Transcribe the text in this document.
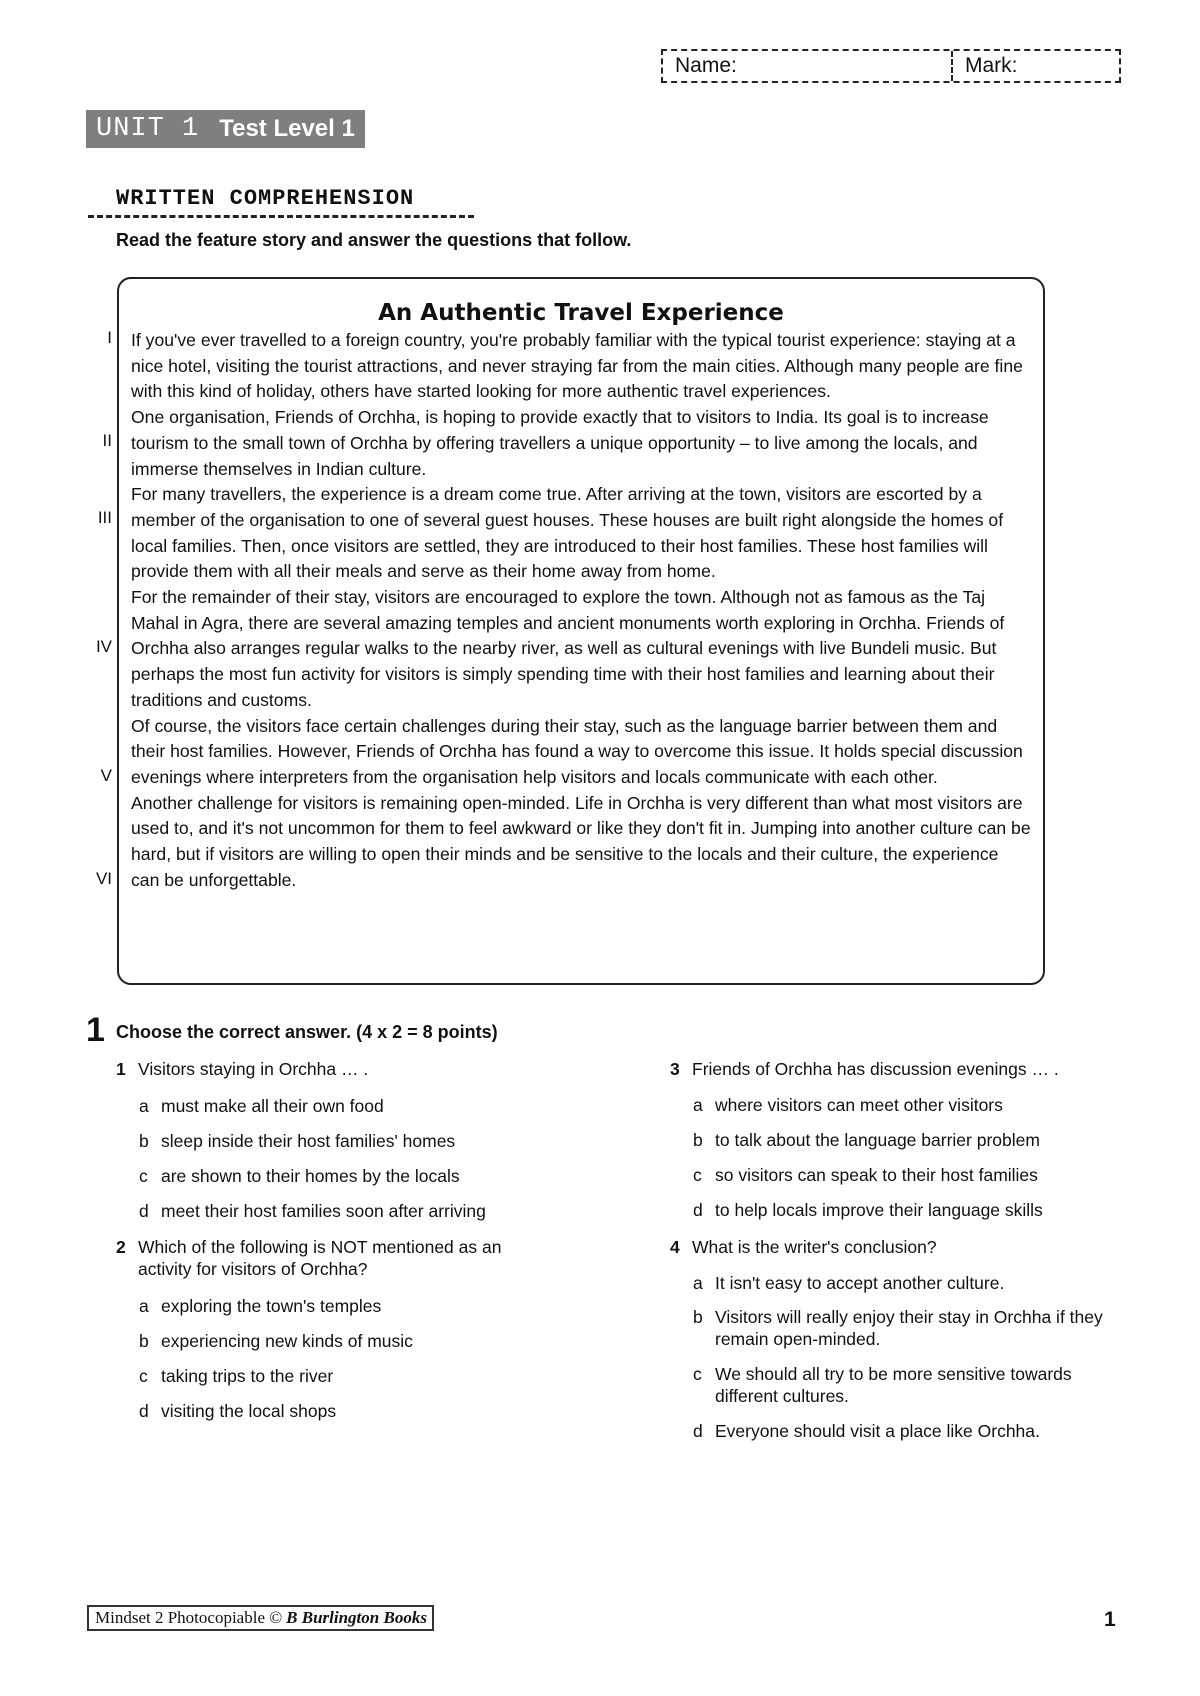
Name:	Mark:
UNIT 1 Test Level 1
WRITTEN COMPREHENSION
Read the feature story and answer the questions that follow.
An Authentic Travel Experience
I
II
III
IV
V
VI

If you've ever travelled to a foreign country, you're probably familiar with the typical tourist experience: staying at a nice hotel, visiting the tourist attractions, and never straying far from the main cities. Although many people are fine with this kind of holiday, others have started looking for more authentic travel experiences.

One organisation, Friends of Orchha, is hoping to provide exactly that to visitors to India. Its goal is to increase tourism to the small town of Orchha by offering travellers a unique opportunity – to live among the locals, and immerse themselves in Indian culture.

For many travellers, the experience is a dream come true. After arriving at the town, visitors are escorted by a member of the organisation to one of several guest houses. These houses are built right alongside the homes of local families. Then, once visitors are settled, they are introduced to their host families. These host families will provide them with all their meals and serve as their home away from home.

For the remainder of their stay, visitors are encouraged to explore the town. Although not as famous as the Taj Mahal in Agra, there are several amazing temples and ancient monuments worth exploring in Orchha. Friends of Orchha also arranges regular walks to the nearby river, as well as cultural evenings with live Bundeli music. But perhaps the most fun activity for visitors is simply spending time with their host families and learning about their traditions and customs.

Of course, the visitors face certain challenges during their stay, such as the language barrier between them and their host families. However, Friends of Orchha has found a way to overcome this issue. It holds special discussion evenings where interpreters from the organisation help visitors and locals communicate with each other.

Another challenge for visitors is remaining open-minded. Life in Orchha is very different than what most visitors are used to, and it's not uncommon for them to feel awkward or like they don't fit in. Jumping into another culture can be hard, but if visitors are willing to open their minds and be sensitive to the locals and their culture, the experience can be unforgettable.

1 Choose the correct answer. (4 x 2 = 8 points)
1 Visitors staying in Orchha … .
a must make all their own food
b sleep inside their host families' homes
c are shown to their homes by the locals
d meet their host families soon after arriving
2 Which of the following is NOT mentioned as an activity for visitors of Orchha?
a exploring the town's temples
b experiencing new kinds of music
c taking trips to the river
d visiting the local shops
3 Friends of Orchha has discussion evenings … .
a where visitors can meet other visitors
b to talk about the language barrier problem
c so visitors can speak to their host families
d to help locals improve their language skills
4 What is the writer's conclusion?
a It isn't easy to accept another culture.
b Visitors will really enjoy their stay in Orchha if they remain open-minded.
c We should all try to be more sensitive towards different cultures.
d Everyone should visit a place like Orchha.
Mindset 2 Photocopiable © B Burlington Books	1
